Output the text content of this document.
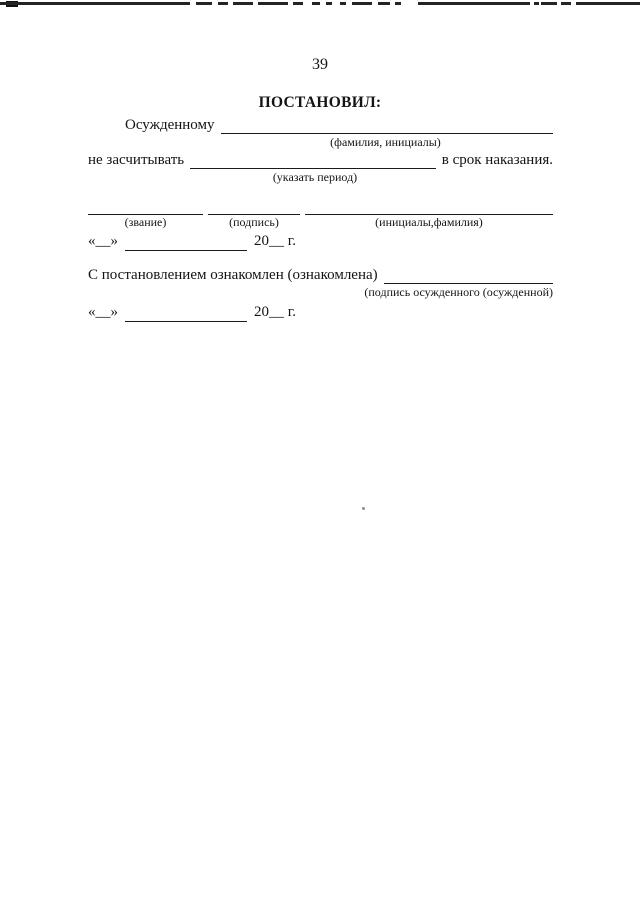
39
ПОСТАНОВИЛ:
Осужденному
(фамилия, инициалы)
не засчитывать	в срок наказания.
(указать период)
(звание)	(подпись)	(инициалы,фамилия)
«__»	20__ г.
С постановлением ознакомлен (ознакомлена)
(подпись осужденного (осужденной)
«__»	20__ г.
